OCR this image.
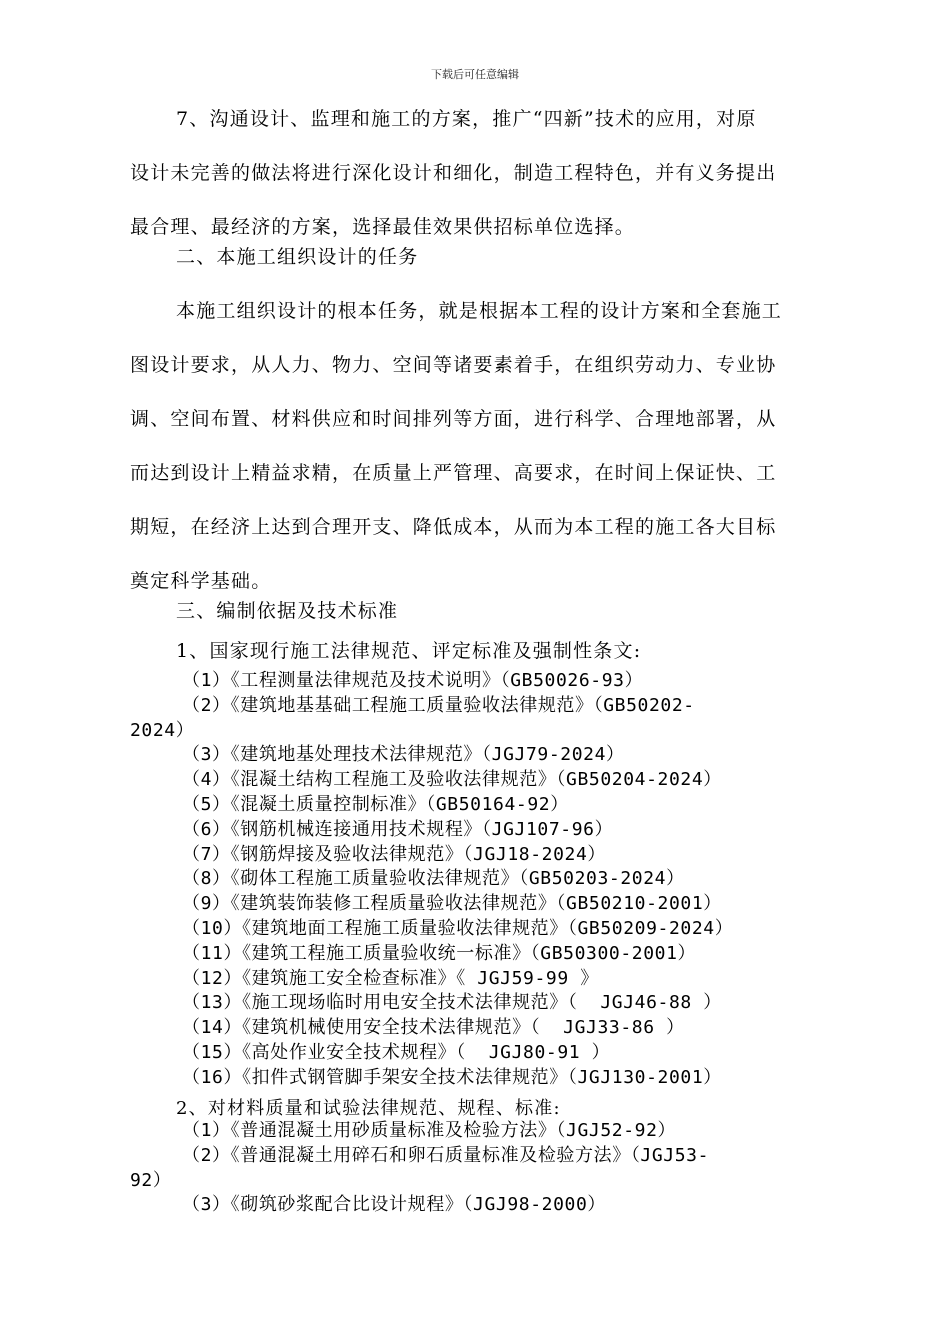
下载后可任意编辑

7、沟通设计、监理和施工的方案，推广“四新”技术的应用，对原

设计未完善的做法将进行深化设计和细化，制造工程特色，并有义务提出

最合理、最经济的方案，选择最佳效果供招标单位选择。

二、本施工组织设计的任务

本施工组织设计的根本任务，就是根据本工程的设计方案和全套施工

图设计要求，从人力、物力、空间等诸要素着手，在组织劳动力、专业协

调、空间布置、材料供应和时间排列等方面，进行科学、合理地部署，从

而达到设计上精益求精，在质量上严管理、高要求，在时间上保证快、工

期短，在经济上达到合理开支、降低成本，从而为本工程的施工各大目标

奠定科学基础。

三、编制依据及技术标准
1、国家现行施工法律规范、评定标准及强制性条文:
（1）《工程测量法律规范及技术说明》（GB50026-93）
（2）《建筑地基基础工程施工质量验收法律规范》（GB50202-
2024）
（3）《建筑地基处理技术法律规范》（JGJ79-2024）
（4）《混凝土结构工程施工及验收法律规范》（GB50204-2024）
（5）《混凝土质量控制标准》（GB50164-92）
（6）《钢筋机械连接通用技术规程》（JGJ107-96）
（7）《钢筋焊接及验收法律规范》（JGJ18-2024）
（8）《砌体工程施工质量验收法律规范》（GB50203-2024）
（9）《建筑装饰装修工程质量验收法律规范》（GB50210-2001）
（10）《建筑地面工程施工质量验收法律规范》（GB50209-2024）
（11）《建筑工程施工质量验收统一标准》（GB50300-2001）
（12）《建筑施工安全检查标准》《 JGJ59-99 》
（13）《施工现场临时用电安全技术法律规范》（  JGJ46-88 ）
（14）《建筑机械使用安全技术法律规范》（  JGJ33-86 ）
（15）《高处作业安全技术规程》（  JGJ80-91 ）
（16）《扣件式钢管脚手架安全技术法律规范》（JGJ130-2001）
2、对材料质量和试验法律规范、规程、标准:
（1）《普通混凝土用砂质量标准及检验方法》（JGJ52-92）
（2）《普通混凝土用碎石和卵石质量标准及检验方法》（JGJ53-
92）
（3）《砌筑砂浆配合比设计规程》（JGJ98-2000）
